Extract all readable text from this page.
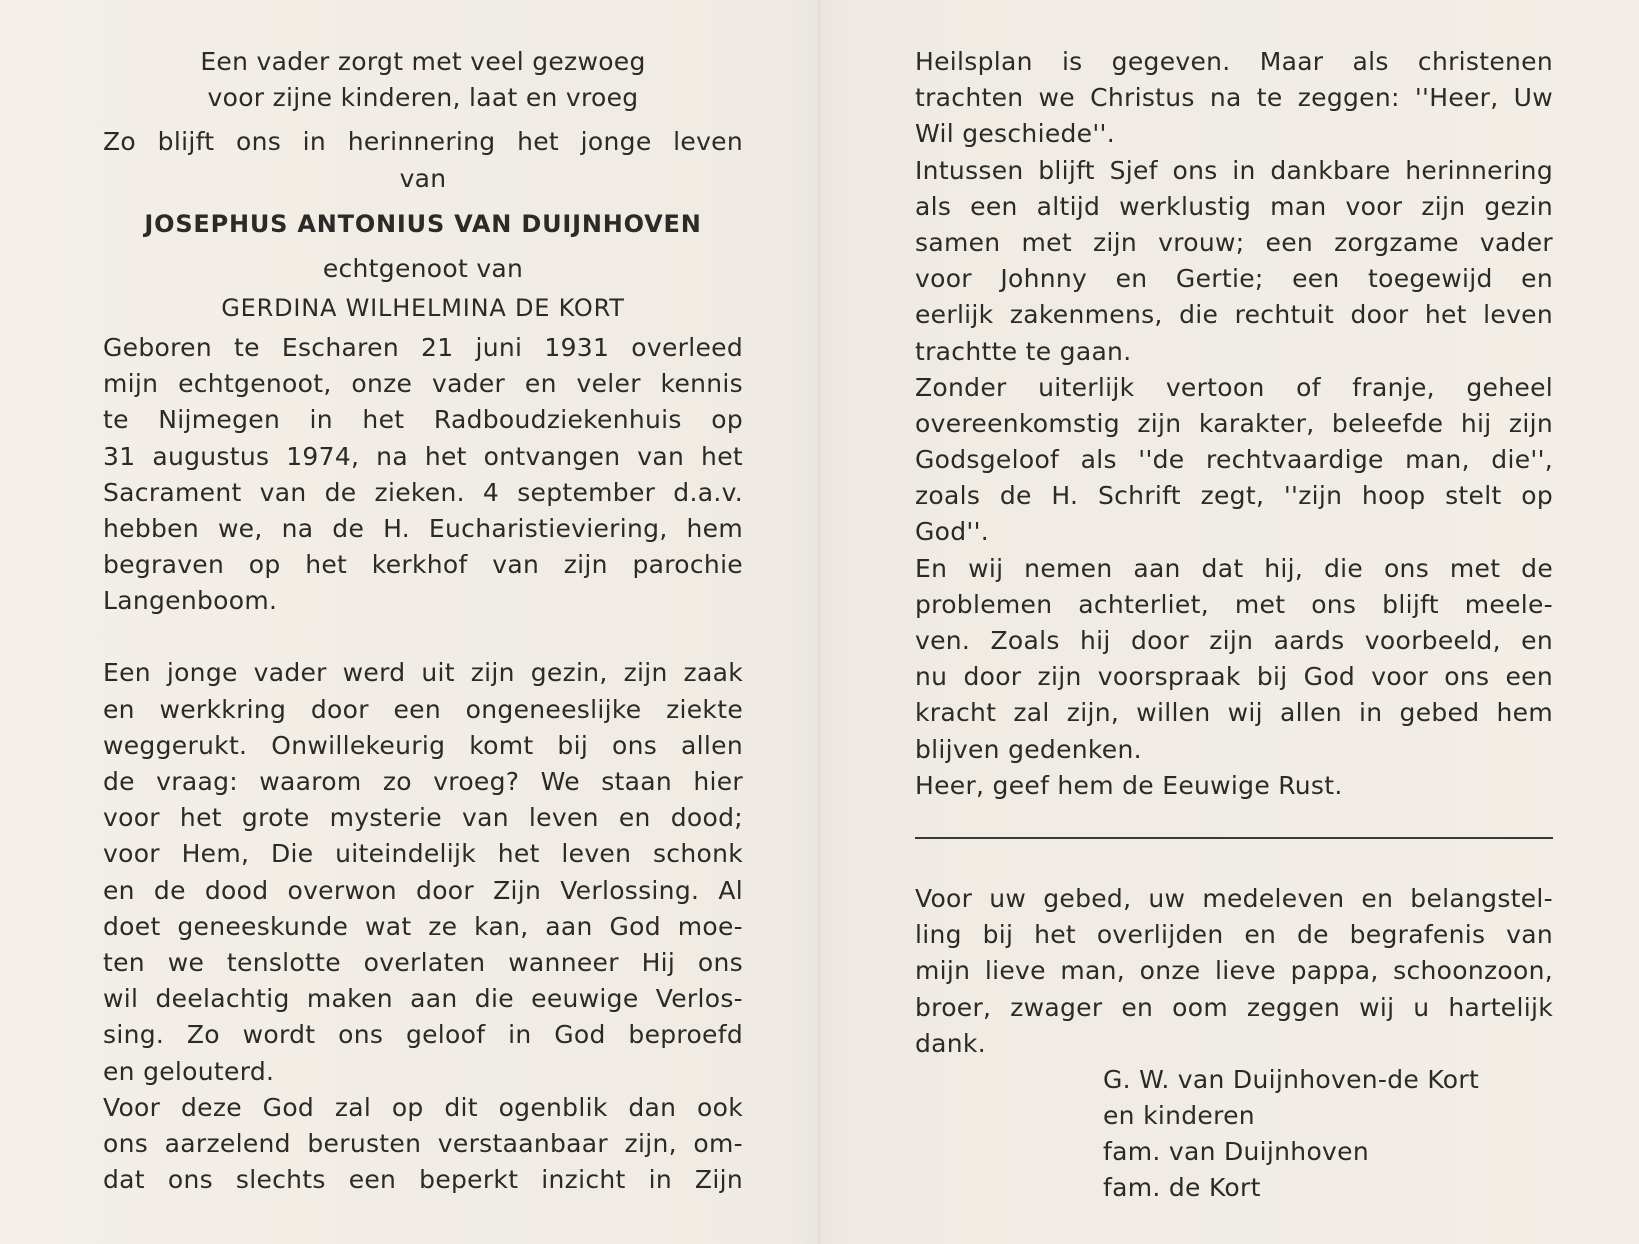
Een vader zorgt met veel gezwoeg
voor zijne kinderen, laat en vroeg
Zo blijft ons in herinnering het jonge leven
van
JOSEPHUS ANTONIUS VAN DUIJNHOVEN
echtgenoot van
GERDINA WILHELMINA DE KORT
Geboren te Escharen 21 juni 1931 overleed
mijn echtgenoot, onze vader en veler kennis
te Nijmegen in het Radboudziekenhuis op
31 augustus 1974, na het ontvangen van het
Sacrament van de zieken. 4 september d.a.v.
hebben we, na de H. Eucharistieviering, hem
begraven op het kerkhof van zijn parochie
Langenboom.
Een jonge vader werd uit zijn gezin, zijn zaak
en werkkring door een ongeneeslijke ziekte
weggerukt. Onwillekeurig komt bij ons allen
de vraag: waarom zo vroeg? We staan hier
voor het grote mysterie van leven en dood;
voor Hem, Die uiteindelijk het leven schonk
en de dood overwon door Zijn Verlossing. Al
doet geneeskunde wat ze kan, aan God moe-
ten we tenslotte overlaten wanneer Hij ons
wil deelachtig maken aan die eeuwige Verlos-
sing. Zo wordt ons geloof in God beproefd
en gelouterd.
Voor deze God zal op dit ogenblik dan ook
ons aarzelend berusten verstaanbaar zijn, om-
dat ons slechts een beperkt inzicht in Zijn
Heilsplan is gegeven. Maar als christenen
trachten we Christus na te zeggen: ''Heer, Uw
Wil geschiede''.
Intussen blijft Sjef ons in dankbare herinnering
als een altijd werklustig man voor zijn gezin
samen met zijn vrouw; een zorgzame vader
voor Johnny en Gertie; een toegewijd en
eerlijk zakenmens, die rechtuit door het leven
trachtte te gaan.
Zonder uiterlijk vertoon of franje, geheel
overeenkomstig zijn karakter, beleefde hij zijn
Godsgeloof als ''de rechtvaardige man, die'',
zoals de H. Schrift zegt, ''zijn hoop stelt op
God''.
En wij nemen aan dat hij, die ons met de
problemen achterliet, met ons blijft meele-
ven. Zoals hij door zijn aards voorbeeld, en
nu door zijn voorspraak bij God voor ons een
kracht zal zijn, willen wij allen in gebed hem
blijven gedenken.
Heer, geef hem de Eeuwige Rust.
Voor uw gebed, uw medeleven en belangstel-
ling bij het overlijden en de begrafenis van
mijn lieve man, onze lieve pappa, schoonzoon,
broer, zwager en oom zeggen wij u hartelijk
dank.
G. W. van Duijnhoven-de Kort
en kinderen
fam. van Duijnhoven
fam. de Kort
